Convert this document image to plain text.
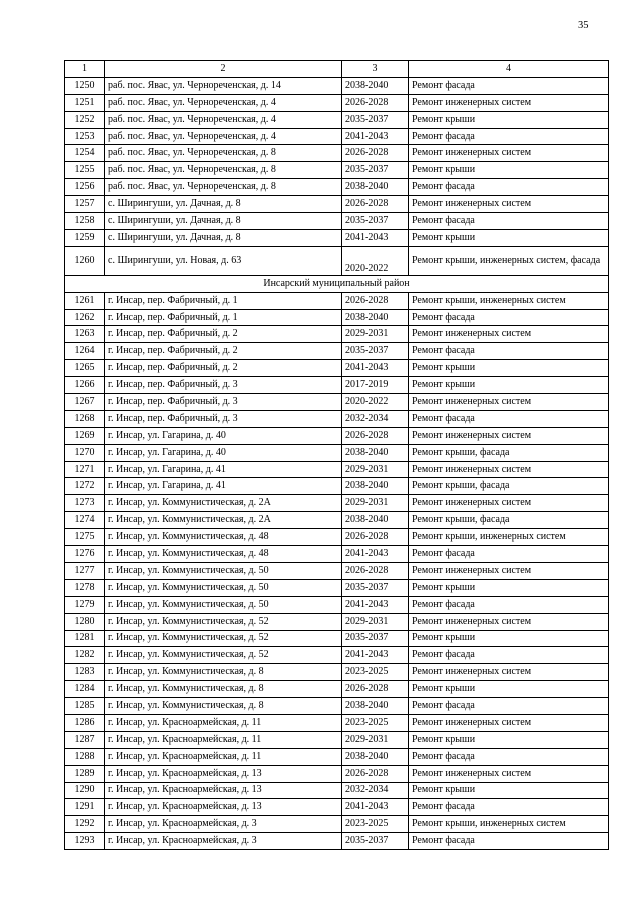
35
1	2	3	4
1250	раб. пос. Явас, ул. Чернореченская, д. 14	2038-2040	Ремонт фасада
1251	раб. пос. Явас, ул. Чернореченская, д. 4	2026-2028	Ремонт инженерных систем
1252	раб. пос. Явас, ул. Чернореченская, д. 4	2035-2037	Ремонт крыши
1253	раб. пос. Явас, ул. Чернореченская, д. 4	2041-2043	Ремонт фасада
1254	раб. пос. Явас, ул. Чернореченская, д. 8	2026-2028	Ремонт инженерных систем
1255	раб. пос. Явас, ул. Чернореченская, д. 8	2035-2037	Ремонт крыши
1256	раб. пос. Явас, ул. Чернореченская, д. 8	2038-2040	Ремонт фасада
1257	с. Ширингуши, ул. Дачная, д. 8	2026-2028	Ремонт инженерных систем
1258	с. Ширингуши, ул. Дачная, д. 8	2035-2037	Ремонт фасада
1259	с. Ширингуши, ул. Дачная, д. 8	2041-2043	Ремонт крыши
1260	с. Ширингуши, ул. Новая, д. 63	2020-2022	Ремонт крыши, инженерных систем, фасада
Инсарский муниципальный район			
1261	г. Инсар, пер. Фабричный, д. 1	2026-2028	Ремонт крыши, инженерных систем
1262	г. Инсар, пер. Фабричный, д. 1	2038-2040	Ремонт фасада
1263	г. Инсар, пер. Фабричный, д. 2	2029-2031	Ремонт инженерных систем
1264	г. Инсар, пер. Фабричный, д. 2	2035-2037	Ремонт фасада
1265	г. Инсар, пер. Фабричный, д. 2	2041-2043	Ремонт крыши
1266	г. Инсар, пер. Фабричный, д. 3	2017-2019	Ремонт крыши
1267	г. Инсар, пер. Фабричный, д. 3	2020-2022	Ремонт инженерных систем
1268	г. Инсар, пер. Фабричный, д. 3	2032-2034	Ремонт фасада
1269	г. Инсар, ул. Гагарина, д. 40	2026-2028	Ремонт инженерных систем
1270	г. Инсар, ул. Гагарина, д. 40	2038-2040	Ремонт крыши, фасада
1271	г. Инсар, ул. Гагарина, д. 41	2029-2031	Ремонт инженерных систем
1272	г. Инсар, ул. Гагарина, д. 41	2038-2040	Ремонт крыши, фасада
1273	г. Инсар, ул. Коммунистическая, д. 2А	2029-2031	Ремонт инженерных систем
1274	г. Инсар, ул. Коммунистическая, д. 2А	2038-2040	Ремонт крыши, фасада
1275	г. Инсар, ул. Коммунистическая, д. 48	2026-2028	Ремонт крыши, инженерных систем
1276	г. Инсар, ул. Коммунистическая, д. 48	2041-2043	Ремонт фасада
1277	г. Инсар, ул. Коммунистическая, д. 50	2026-2028	Ремонт инженерных систем
1278	г. Инсар, ул. Коммунистическая, д. 50	2035-2037	Ремонт крыши
1279	г. Инсар, ул. Коммунистическая, д. 50	2041-2043	Ремонт фасада
1280	г. Инсар, ул. Коммунистическая, д. 52	2029-2031	Ремонт инженерных систем
1281	г. Инсар, ул. Коммунистическая, д. 52	2035-2037	Ремонт крыши
1282	г. Инсар, ул. Коммунистическая, д. 52	2041-2043	Ремонт фасада
1283	г. Инсар, ул. Коммунистическая, д. 8	2023-2025	Ремонт инженерных систем
1284	г. Инсар, ул. Коммунистическая, д. 8	2026-2028	Ремонт крыши
1285	г. Инсар, ул. Коммунистическая, д. 8	2038-2040	Ремонт фасада
1286	г. Инсар, ул. Красноармейская, д. 11	2023-2025	Ремонт инженерных систем
1287	г. Инсар, ул. Красноармейская, д. 11	2029-2031	Ремонт крыши
1288	г. Инсар, ул. Красноармейская, д. 11	2038-2040	Ремонт фасада
1289	г. Инсар, ул. Красноармейская, д. 13	2026-2028	Ремонт инженерных систем
1290	г. Инсар, ул. Красноармейская, д. 13	2032-2034	Ремонт крыши
1291	г. Инсар, ул. Красноармейская, д. 13	2041-2043	Ремонт фасада
1292	г. Инсар, ул. Красноармейская, д. 3	2023-2025	Ремонт крыши, инженерных систем
1293	г. Инсар, ул. Красноармейская, д. 3	2035-2037	Ремонт фасада
